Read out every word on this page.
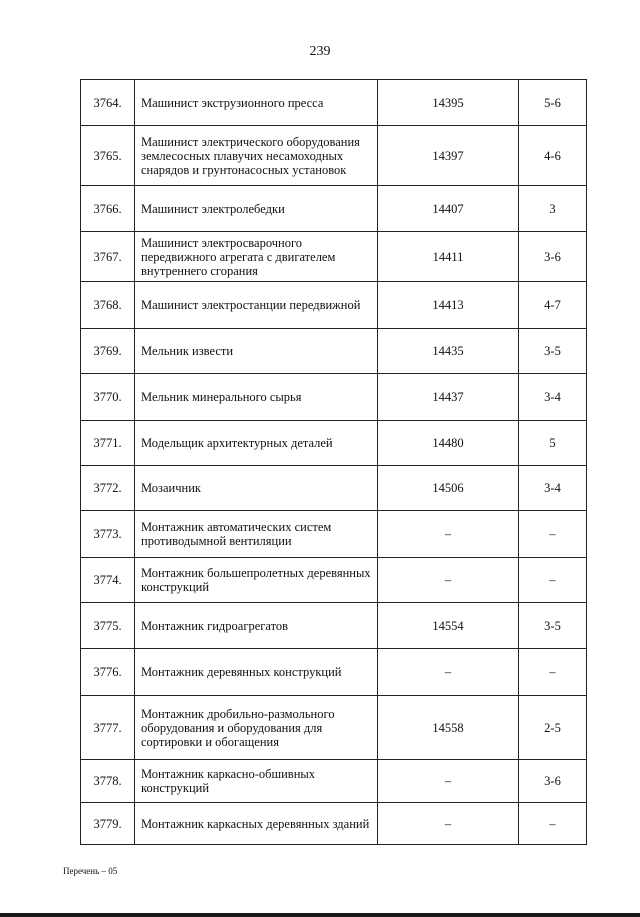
239
3764.	Машинист экструзионного пресса	14395	5-6
3765.	Машинист электрического оборудования землесосных плавучих несамоходных снарядов и грунтонасосных установок	14397	4-6
3766.	Машинист электролебедки	14407	3
3767.	Машинист электросварочного передвижного агрегата с двигателем внутреннего сгорания	14411	3-6
3768.	Машинист электростанции передвижной	14413	4-7
3769.	Мельник извести	14435	3-5
3770.	Мельник минерального сырья	14437	3-4
3771.	Модельщик архитектурных деталей	14480	5
3772.	Мозаичник	14506	3-4
3773.	Монтажник автоматических систем противодымной вентиляции	–	–
3774.	Монтажник большепролетных деревянных конструкций	–	–
3775.	Монтажник гидроагрегатов	14554	3-5
3776.	Монтажник деревянных конструкций	–	–
3777.	Монтажник дробильно-размольного оборудования и оборудования для сортировки и обогащения	14558	2-5
3778.	Монтажник каркасно-обшивных конструкций	–	3-6
3779.	Монтажник каркасных деревянных зданий	–	–
Перечень – 05
